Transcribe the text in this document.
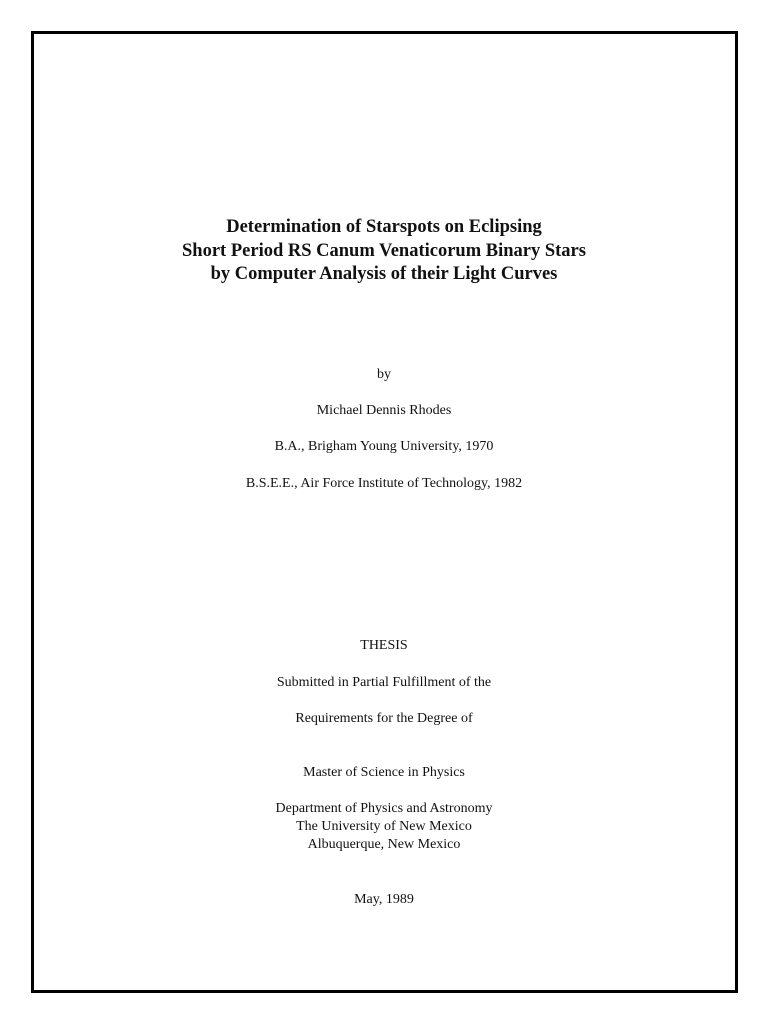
Determination of Starspots on Eclipsing
Short Period RS Canum Venaticorum Binary Stars
by Computer Analysis of their Light Curves
by
Michael Dennis Rhodes
B.A., Brigham Young University, 1970
B.S.E.E., Air Force Institute of Technology, 1982
THESIS
Submitted in Partial Fulfillment of the
Requirements for the Degree of
Master of Science in Physics
Department of Physics and Astronomy
The University of New Mexico
Albuquerque, New Mexico
May, 1989
